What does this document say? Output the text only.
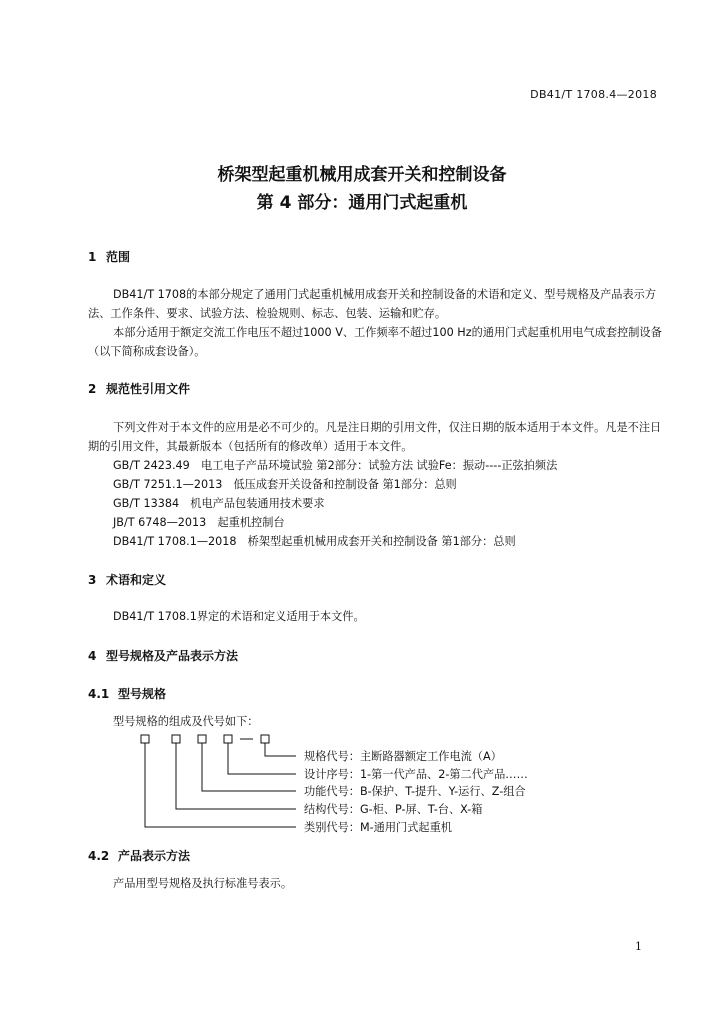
DB41/T 1708.4—2018
桥架型起重机械用成套开关和控制设备
第 4 部分：通用门式起重机
1 范围
DB41/T 1708的本部分规定了通用门式起重机械用成套开关和控制设备的术语和定义、型号规格及产品表示方法、工作条件、要求、试验方法、检验规则、标志、包装、运输和贮存。
本部分适用于额定交流工作电压不超过1000 V、工作频率不超过100 Hz的通用门式起重机用电气成套控制设备（以下简称成套设备）。
2 规范性引用文件
下列文件对于本文件的应用是必不可少的。凡是注日期的引用文件，仅注日期的版本适用于本文件。凡是不注日期的引用文件，其最新版本（包括所有的修改单）适用于本文件。
GB/T 2423.49　电工电子产品环境试验 第2部分：试验方法 试验Fe：振动----正弦拍频法
GB/T 7251.1—2013　低压成套开关设备和控制设备 第1部分：总则
GB/T 13384　机电产品包装通用技术要求
JB/T 6748—2013　起重机控制台
DB41/T 1708.1—2018　桥架型起重机械用成套开关和控制设备 第1部分：总则
3 术语和定义
DB41/T 1708.1界定的术语和定义适用于本文件。
4 型号规格及产品表示方法
4.1 型号规格
型号规格的组成及代号如下：
规格代号：主断路器额定工作电流（A）
设计序号：1-第一代产品、2-第二代产品……
功能代号：B-保护、T-提升、Y-运行、Z-组合
结构代号：G-柜、P-屏、T-台、X-箱
类别代号：M-通用门式起重机
4.2 产品表示方法
产品用型号规格及执行标准号表示。
1
